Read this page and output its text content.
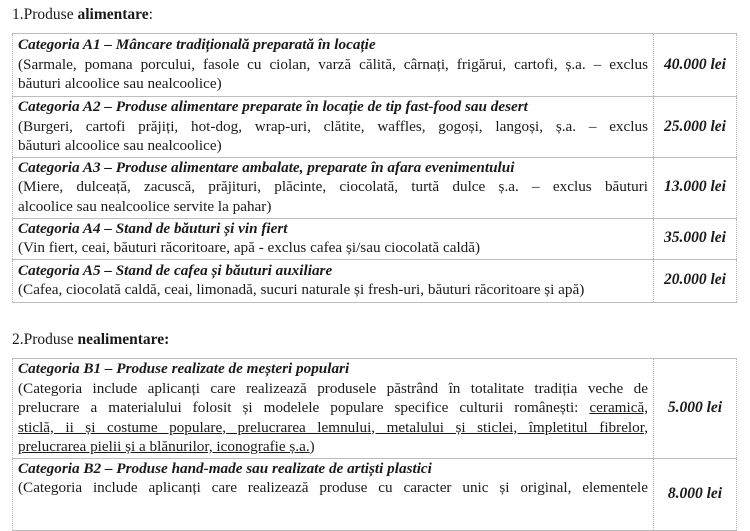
1.Produse alimentare:
Categoria A1 – Mâncare tradițională preparată în locație
(Sarmale, pomana porcului, fasole cu ciolan, varză călită, cârnați, frigărui, cartofi, ș.a. – exclus
băuturi alcoolice sau nealcoolice)	40.000 lei

Categoria A2 – Produse alimentare preparate în locație de tip fast-food sau desert
(Burgeri, cartofi prăjiți, hot-dog, wrap-uri, clătite, waffles, gogoși, langoși, ș.a. – exclus
băuturi alcoolice sau nealcoolice)	25.000 lei

Categoria A3 – Produse alimentare ambalate, preparate în afara evenimentului
(Miere, dulceață, zacuscă, prăjituri, plăcinte, ciocolată, turtă dulce ș.a. – exclus băuturi
alcoolice sau nealcoolice servite la pahar)	13.000 lei

Categoria A4 – Stand de băuturi și vin fiert
(Vin fiert, ceai, băuturi răcoritoare, apă - exclus cafea și/sau ciocolată caldă)	35.000 lei

Categoria A5 – Stand de cafea și băuturi auxiliare
(Cafea, ciocolată caldă, ceai, limonadă, sucuri naturale și fresh-uri, băuturi răcoritoare și apă)	20.000 lei
2.Produse nealimentare:
Categoria B1 – Produse realizate de meșteri populari
(Categoria include aplicanți care realizează produsele păstrând în totalitate tradiția veche de
prelucrare a materialului folosit și modelele populare specifice culturii românești: ceramică,
sticlă, ii și costume populare, prelucrarea lemnului, metalului și sticlei, împletitul fibrelor,
prelucrarea pielii și a blănurilor, iconografie ș.a.)	5.000 lei

Categoria B2 – Produse hand-made sau realizate de artiști plastici
(Categoria include aplicanți care realizează produse cu caracter unic și original, elementele	8.000 lei
